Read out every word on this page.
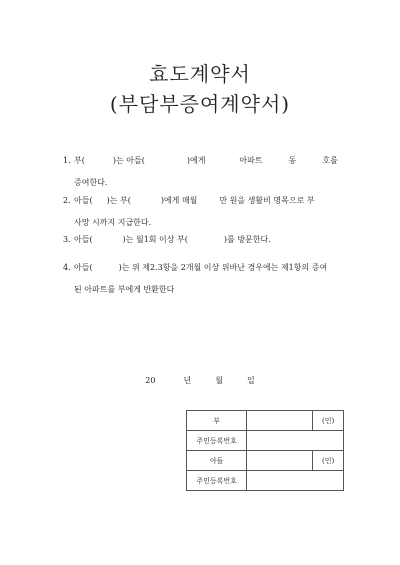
효도계약서
(부담부증여계약서)
1. 부(	)는 아들(	)에게	아파트	동	호를
증여한다.
2. 아들( )는 부(	)에게 매월	만 원을 생활비 명목으로 부
사망 시까지 지급한다.
3. 아들(	)는 월1회 이상 부(	)를 방문한다.
4. 아들(	)는 위 제2.3항을 2개월 이상 위바난 경우에는 제1항의 증여
된 아파트를 부에게 반환한다
20	년	월	일
부		(인)
주민등록번호		
아들		(인)
주민등록번호		
